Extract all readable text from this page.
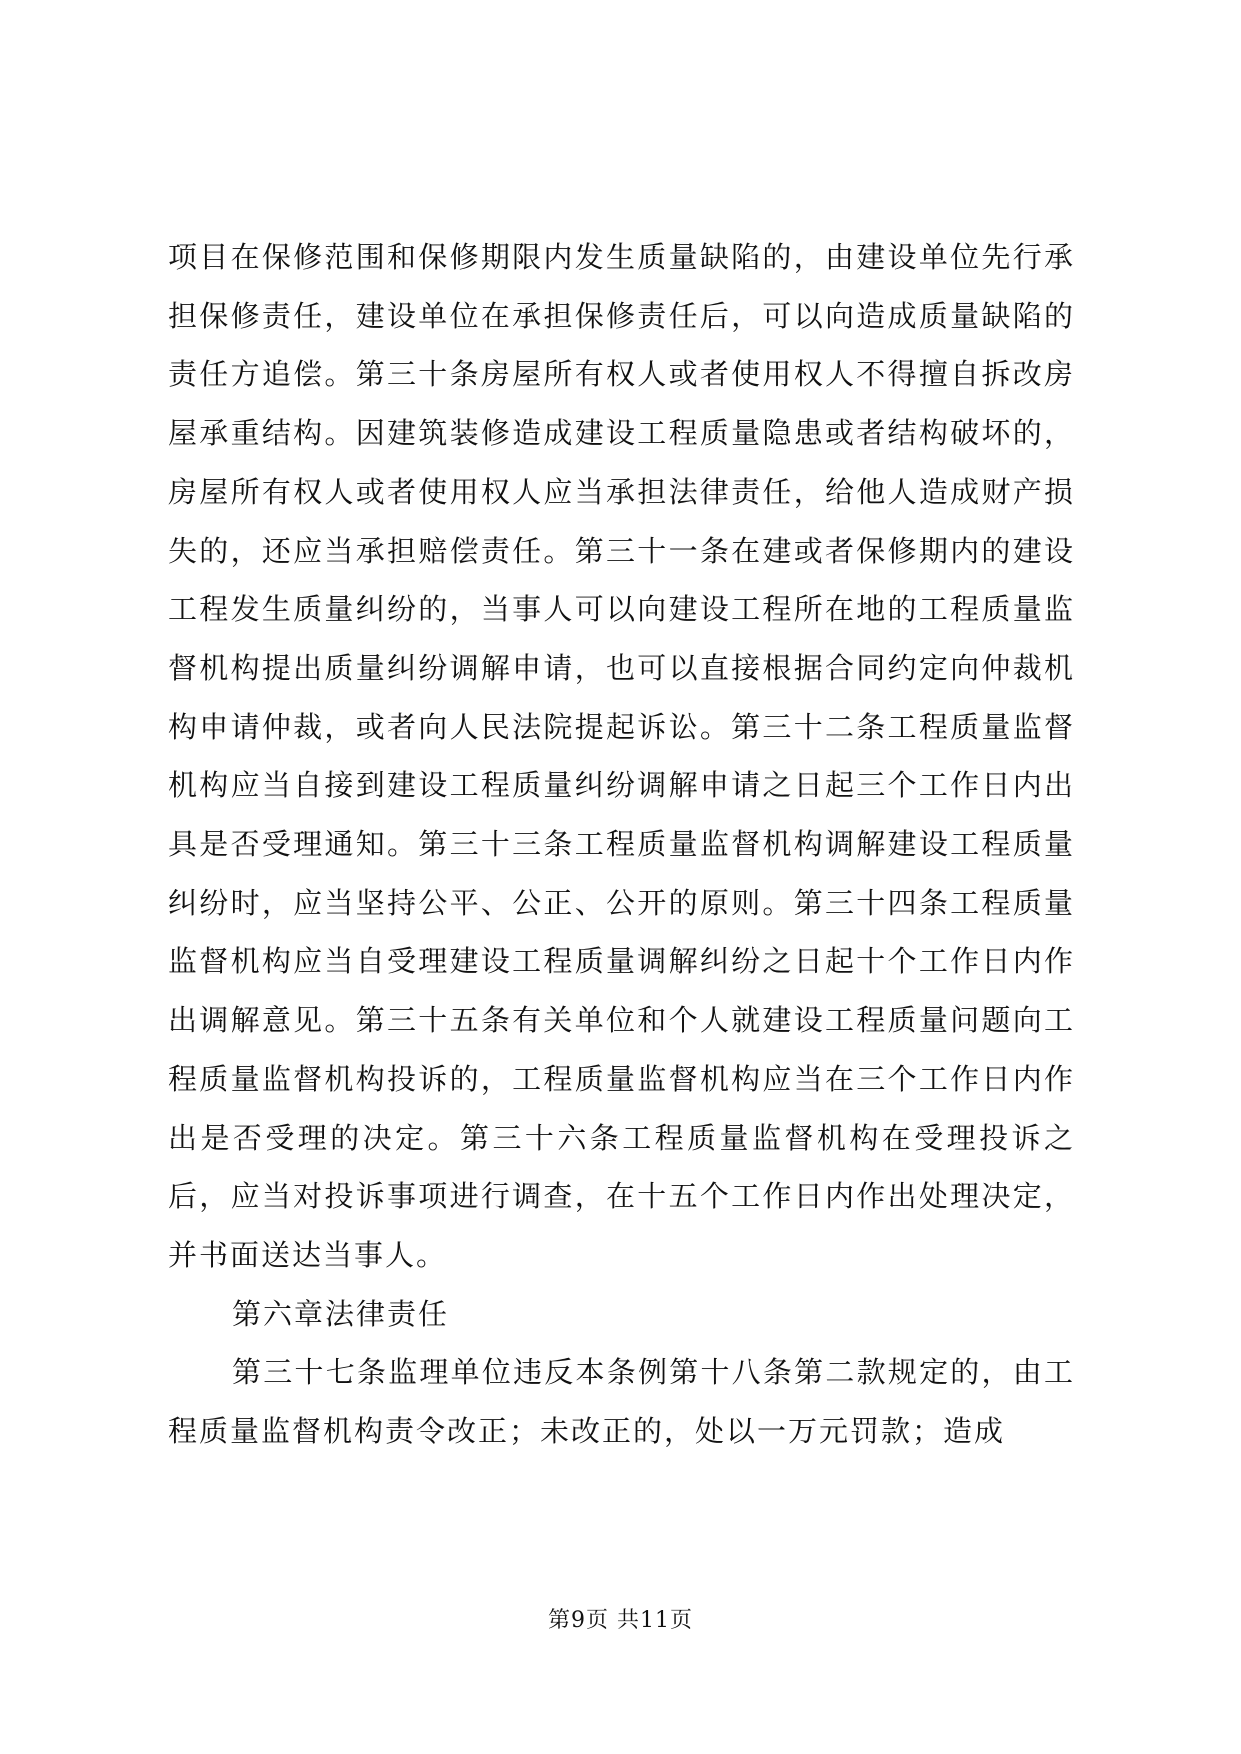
项目在保修范围和保修期限内发生质量缺陷的，由建设单位先行承担保修责任，建设单位在承担保修责任后，可以向造成质量缺陷的责任方追偿。第三十条房屋所有权人或者使用权人不得擅自拆改房屋承重结构。因建筑装修造成建设工程质量隐患或者结构破坏的，房屋所有权人或者使用权人应当承担法律责任，给他人造成财产损失的，还应当承担赔偿责任。第三十一条在建或者保修期内的建设工程发生质量纠纷的，当事人可以向建设工程所在地的工程质量监督机构提出质量纠纷调解申请，也可以直接根据合同约定向仲裁机构申请仲裁，或者向人民法院提起诉讼。第三十二条工程质量监督机构应当自接到建设工程质量纠纷调解申请之日起三个工作日内出具是否受理通知。第三十三条工程质量监督机构调解建设工程质量纠纷时，应当坚持公平、公正、公开的原则。第三十四条工程质量监督机构应当自受理建设工程质量调解纠纷之日起十个工作日内作出调解意见。第三十五条有关单位和个人就建设工程质量问题向工程质量监督机构投诉的，工程质量监督机构应当在三个工作日内作出是否受理的决定。第三十六条工程质量监督机构在受理投诉之后，应当对投诉事项进行调查，在十五个工作日内作出处理决定，并书面送达当事人。

第六章法律责任

第三十七条监理单位违反本条例第十八条第二款规定的，由工程质量监督机构责令改正；未改正的，处以一万元罚款；造成

第9页 共11页
